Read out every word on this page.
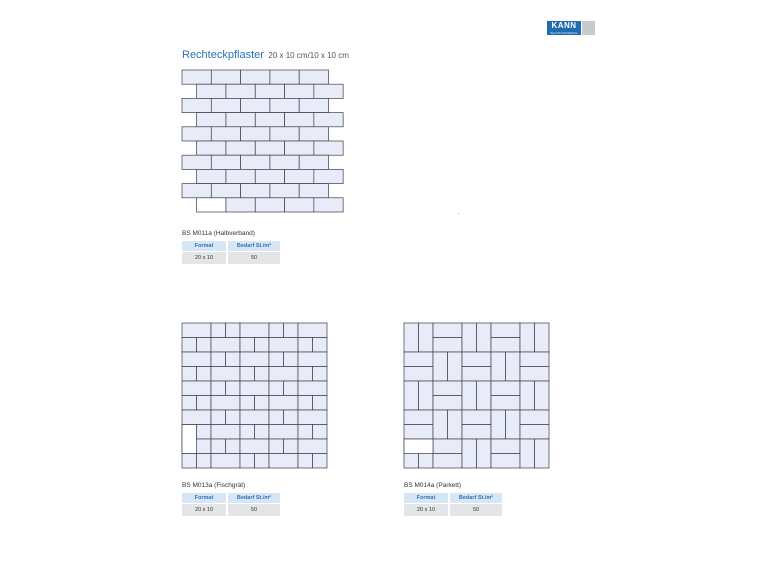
KANN
BAUSTOFFWERKE
Rechteckpflaster 20 x 10 cm/10 x 10 cm
BS M011a (Halbverband)
Format	Bedarf St./m²
20 x 10	50
BS M013a (Fischgrät)
Format	Bedarf St./m²
20 x 10	50
BS M014a (Parkett)
Format	Bedarf St./m²
20 x 10	50
